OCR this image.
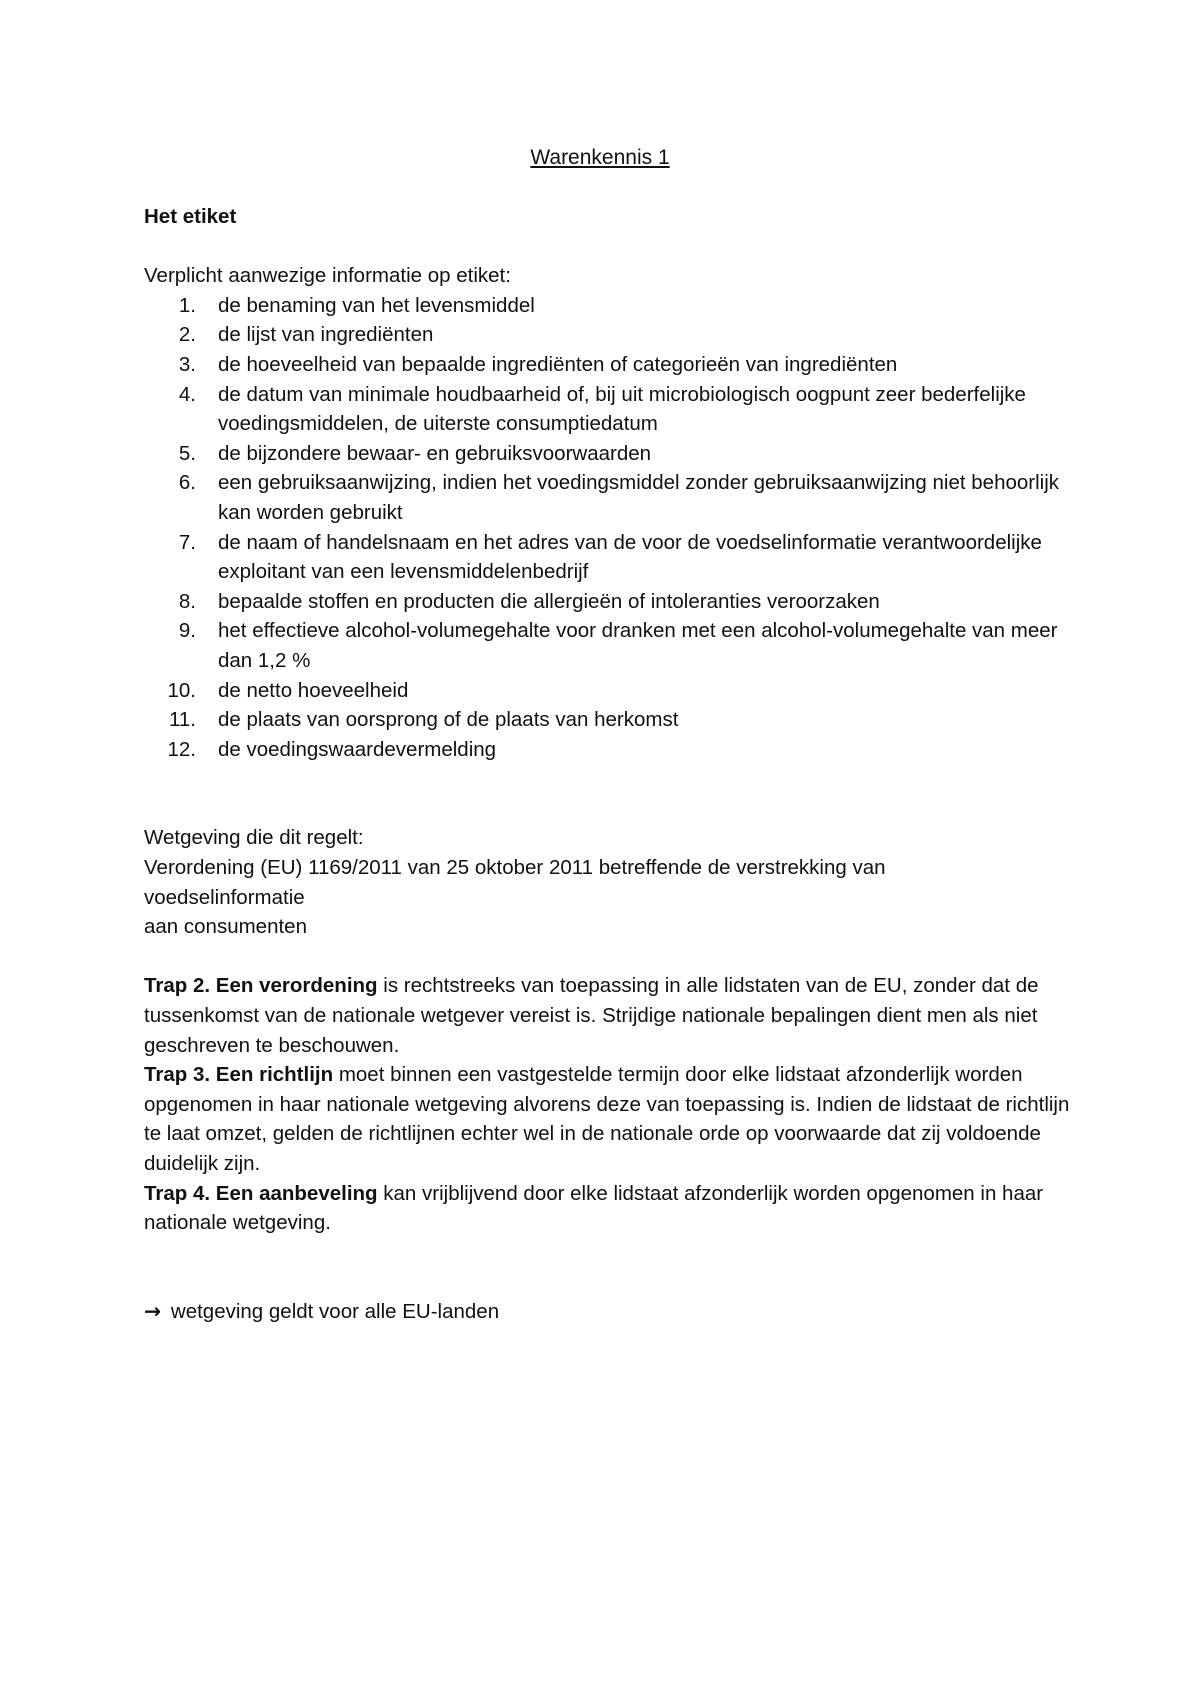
Warenkennis 1

Het etiket

Verplicht aanwezige informatie op etiket:

1. de benaming van het levensmiddel
2. de lijst van ingrediënten
3. de hoeveelheid van bepaalde ingrediënten of categorieën van ingrediënten
4. de datum van minimale houdbaarheid of, bij uit microbiologisch oogpunt zeer bederfelijke voedingsmiddelen, de uiterste consumptiedatum
5. de bijzondere bewaar- en gebruiksvoorwaarden
6. een gebruiksaanwijzing, indien het voedingsmiddel zonder gebruiksaanwijzing niet behoorlijk kan worden gebruikt
7. de naam of handelsnaam en het adres van de voor de voedselinformatie verantwoordelijke exploitant van een levensmiddelenbedrijf
8. bepaalde stoffen en producten die allergieën of intoleranties veroorzaken
9. het effectieve alcohol-volumegehalte voor dranken met een alcohol-volumegehalte van meer dan 1,2 %
10. de netto hoeveelheid
11. de plaats van oorsprong of de plaats van herkomst
12. de voedingswaardevermelding

Wetgeving die dit regelt:

Verordening (EU) 1169/2011 van 25 oktober 2011 betreffende de verstrekking van

voedselinformatie

aan consumenten

Trap 2. Een verordening is rechtstreeks van toepassing in alle lidstaten van de EU, zonder dat de tussenkomst van de nationale wetgever vereist is. Strijdige nationale bepalingen dient men als niet geschreven te beschouwen.

Trap 3. Een richtlijn moet binnen een vastgestelde termijn door elke lidstaat afzonderlijk worden opgenomen in haar nationale wetgeving alvorens deze van toepassing is. Indien de lidstaat de richtlijn te laat omzet, gelden de richtlijnen echter wel in de nationale orde op voorwaarde dat zij voldoende duidelijk zijn.

Trap 4. Een aanbeveling kan vrijblijvend door elke lidstaat afzonderlijk worden opgenomen in haar nationale wetgeving.

→ wetgeving geldt voor alle EU-landen
